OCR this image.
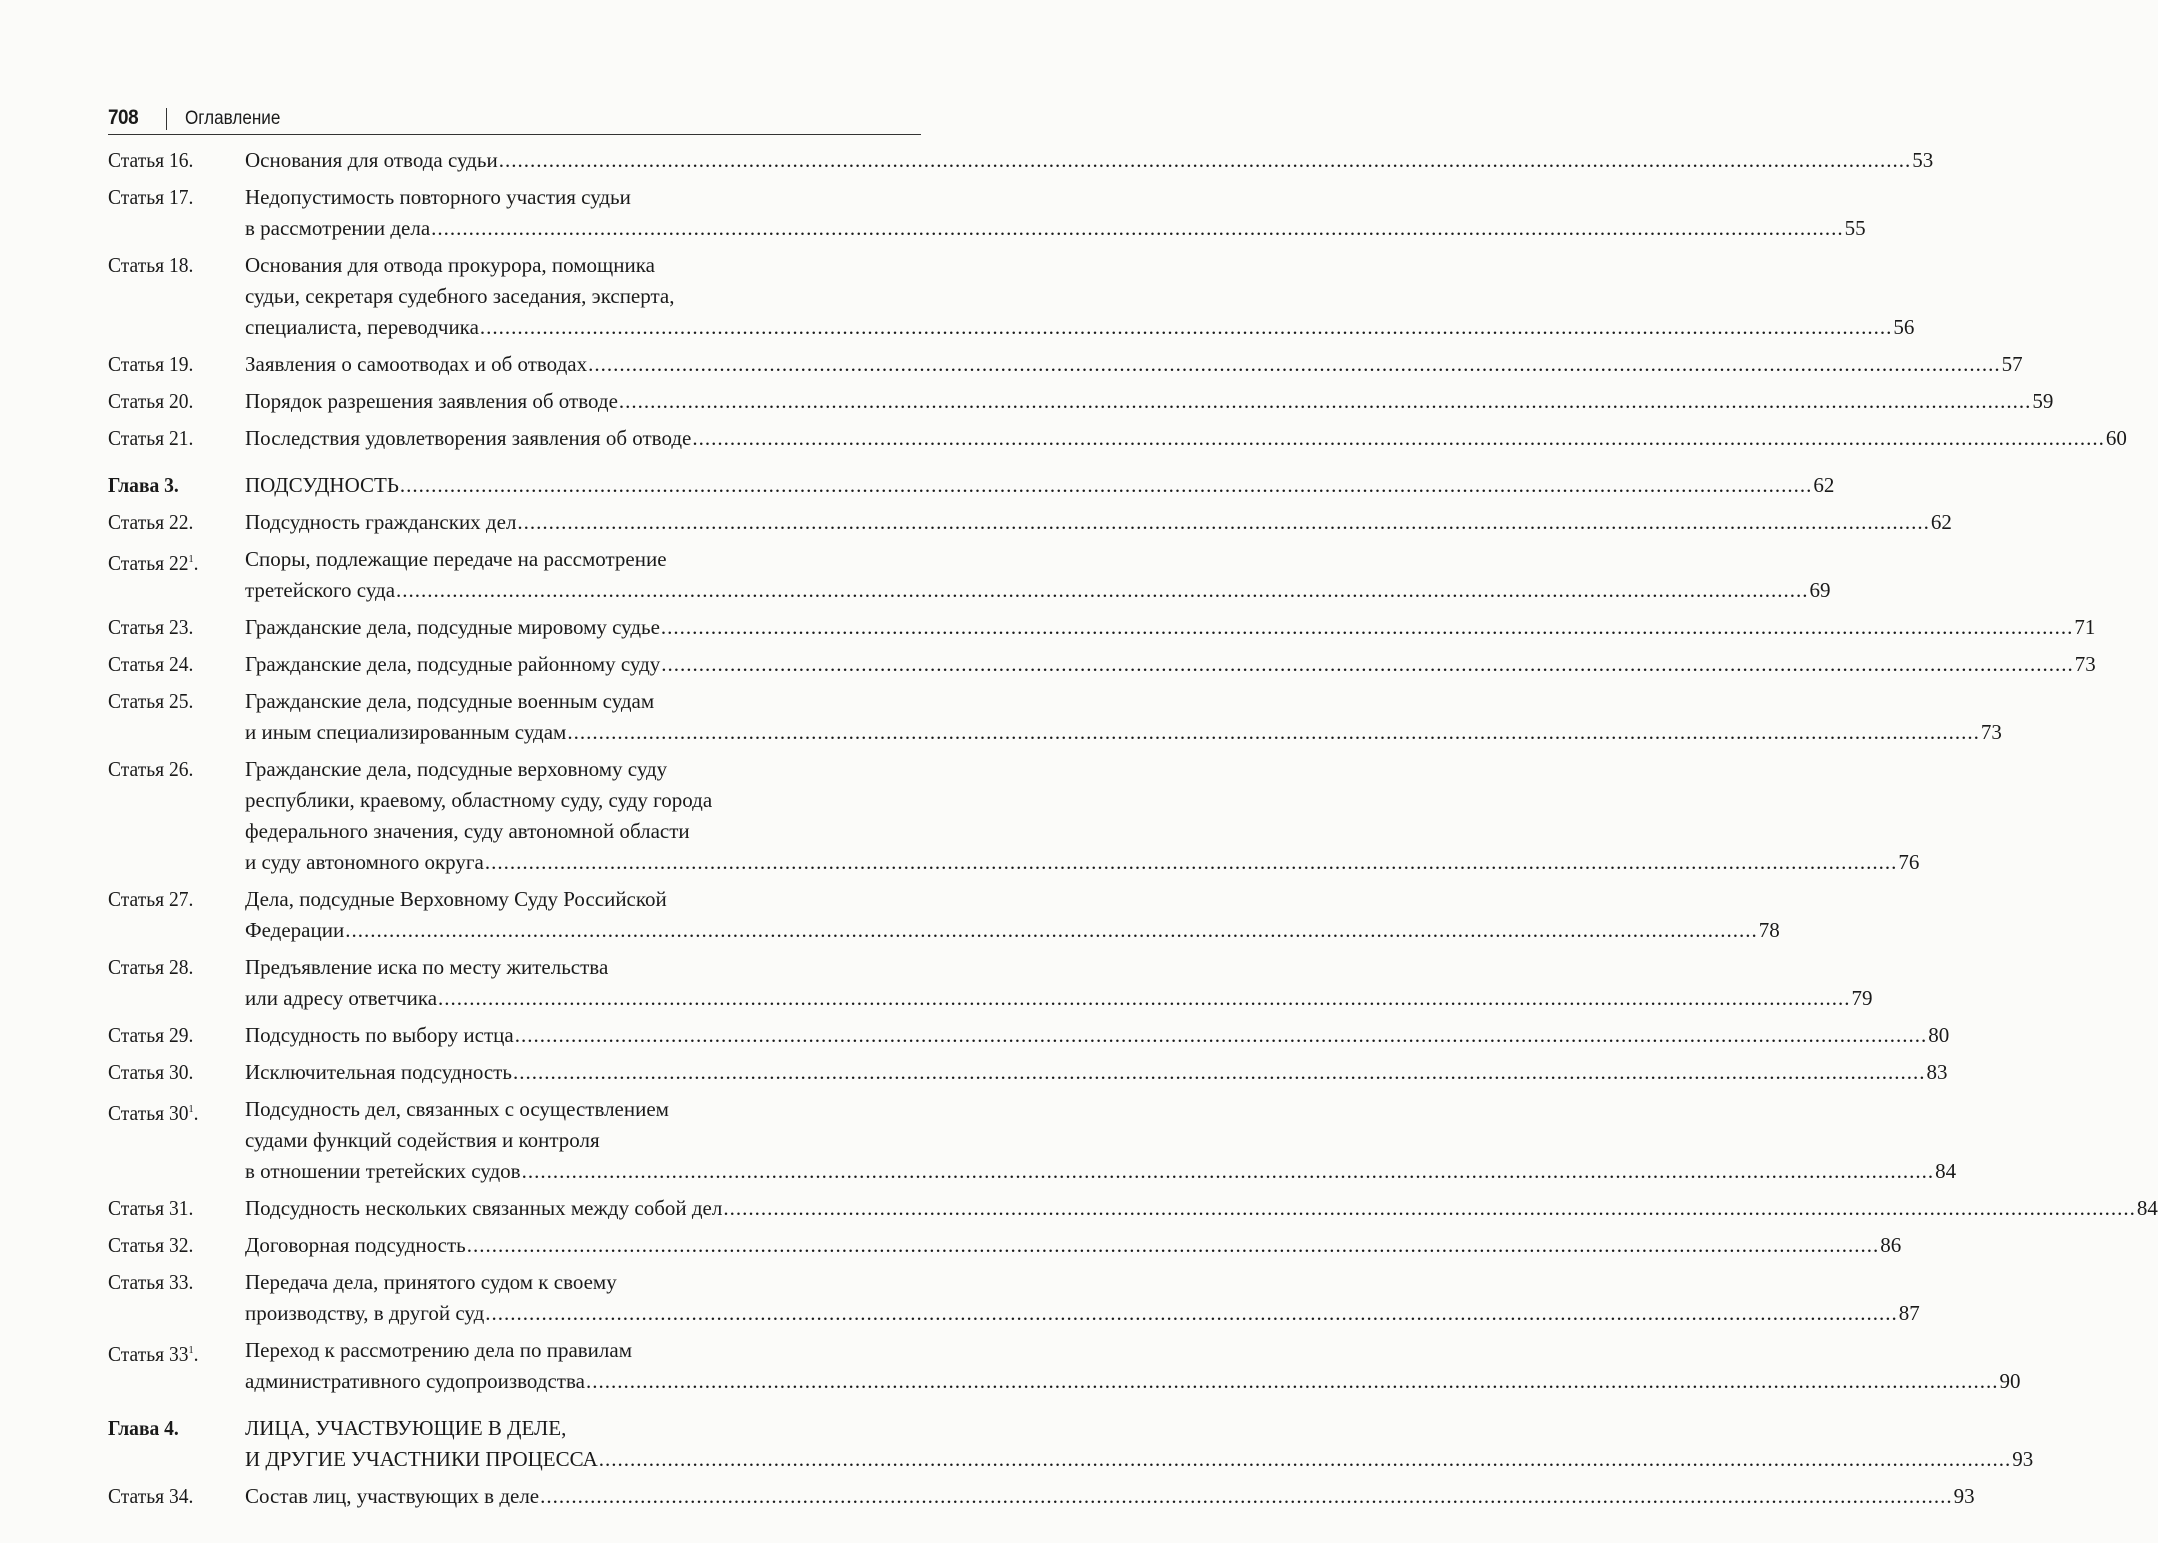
708 Оглавление
Статья 16.	Основания для отвода судьи .....	53
Статья 17.	Недопустимость повторного участия судьи
в рассмотрении дела .....	55
Статья 18.	Основания для отвода прокурора, помощника
судьи, секретаря судебного заседания, эксперта,
специалиста, переводчика .....	56
Статья 19.	Заявления о самоотводах и об отводах .....	57
Статья 20.	Порядок разрешения заявления об отводе .....	59
Статья 21.	Последствия удовлетворения заявления об отводе .....	60
Глава 3.	ПОДСУДНОСТЬ .....	62
Статья 22.	Подсудность гражданских дел .....	62
Статья $22^1$.	Споры, подлежащие передаче на рассмотрение
третейского суда .....	69
Статья 23.	Гражданские дела, подсудные мировому судье .....	71
Статья 24.	Гражданские дела, подсудные районному суду .....	73
Статья 25.	Гражданские дела, подсудные военным судам
и иным специализированным судам .....	73
Статья 26.	Гражданские дела, подсудные верховному суду
республики, краевому, областному суду, суду города
федерального значения, суду автономной области
и суду автономного округа .....	76
Статья 27.	Дела, подсудные Верховному Суду Российской
Федерации .....	78
Статья 28.	Предъявление иска по месту жительства
или адресу ответчика .....	79
Статья 29.	Подсудность по выбору истца .....	80
Статья 30.	Исключительная подсудность .....	83
Статья $30^1$.	Подсудность дел, связанных с осуществлением
судами функций содействия и контроля
в отношении третейских судов .....	84
Статья 31.	Подсудность нескольких связанных между собой дел .....	84
Статья 32.	Договорная подсудность .....	86
Статья 33.	Передача дела, принятого судом к своему
производству, в другой суд .....	87
Статья $33^1$.	Переход к рассмотрению дела по правилам
административного судопроизводства .....	90
Глава 4.	ЛИЦА, УЧАСТВУЮЩИЕ В ДЕЛЕ,
И ДРУГИЕ УЧАСТНИКИ ПРОЦЕССА .....	93
Статья 34.	Состав лиц, участвующих в деле .....	93
